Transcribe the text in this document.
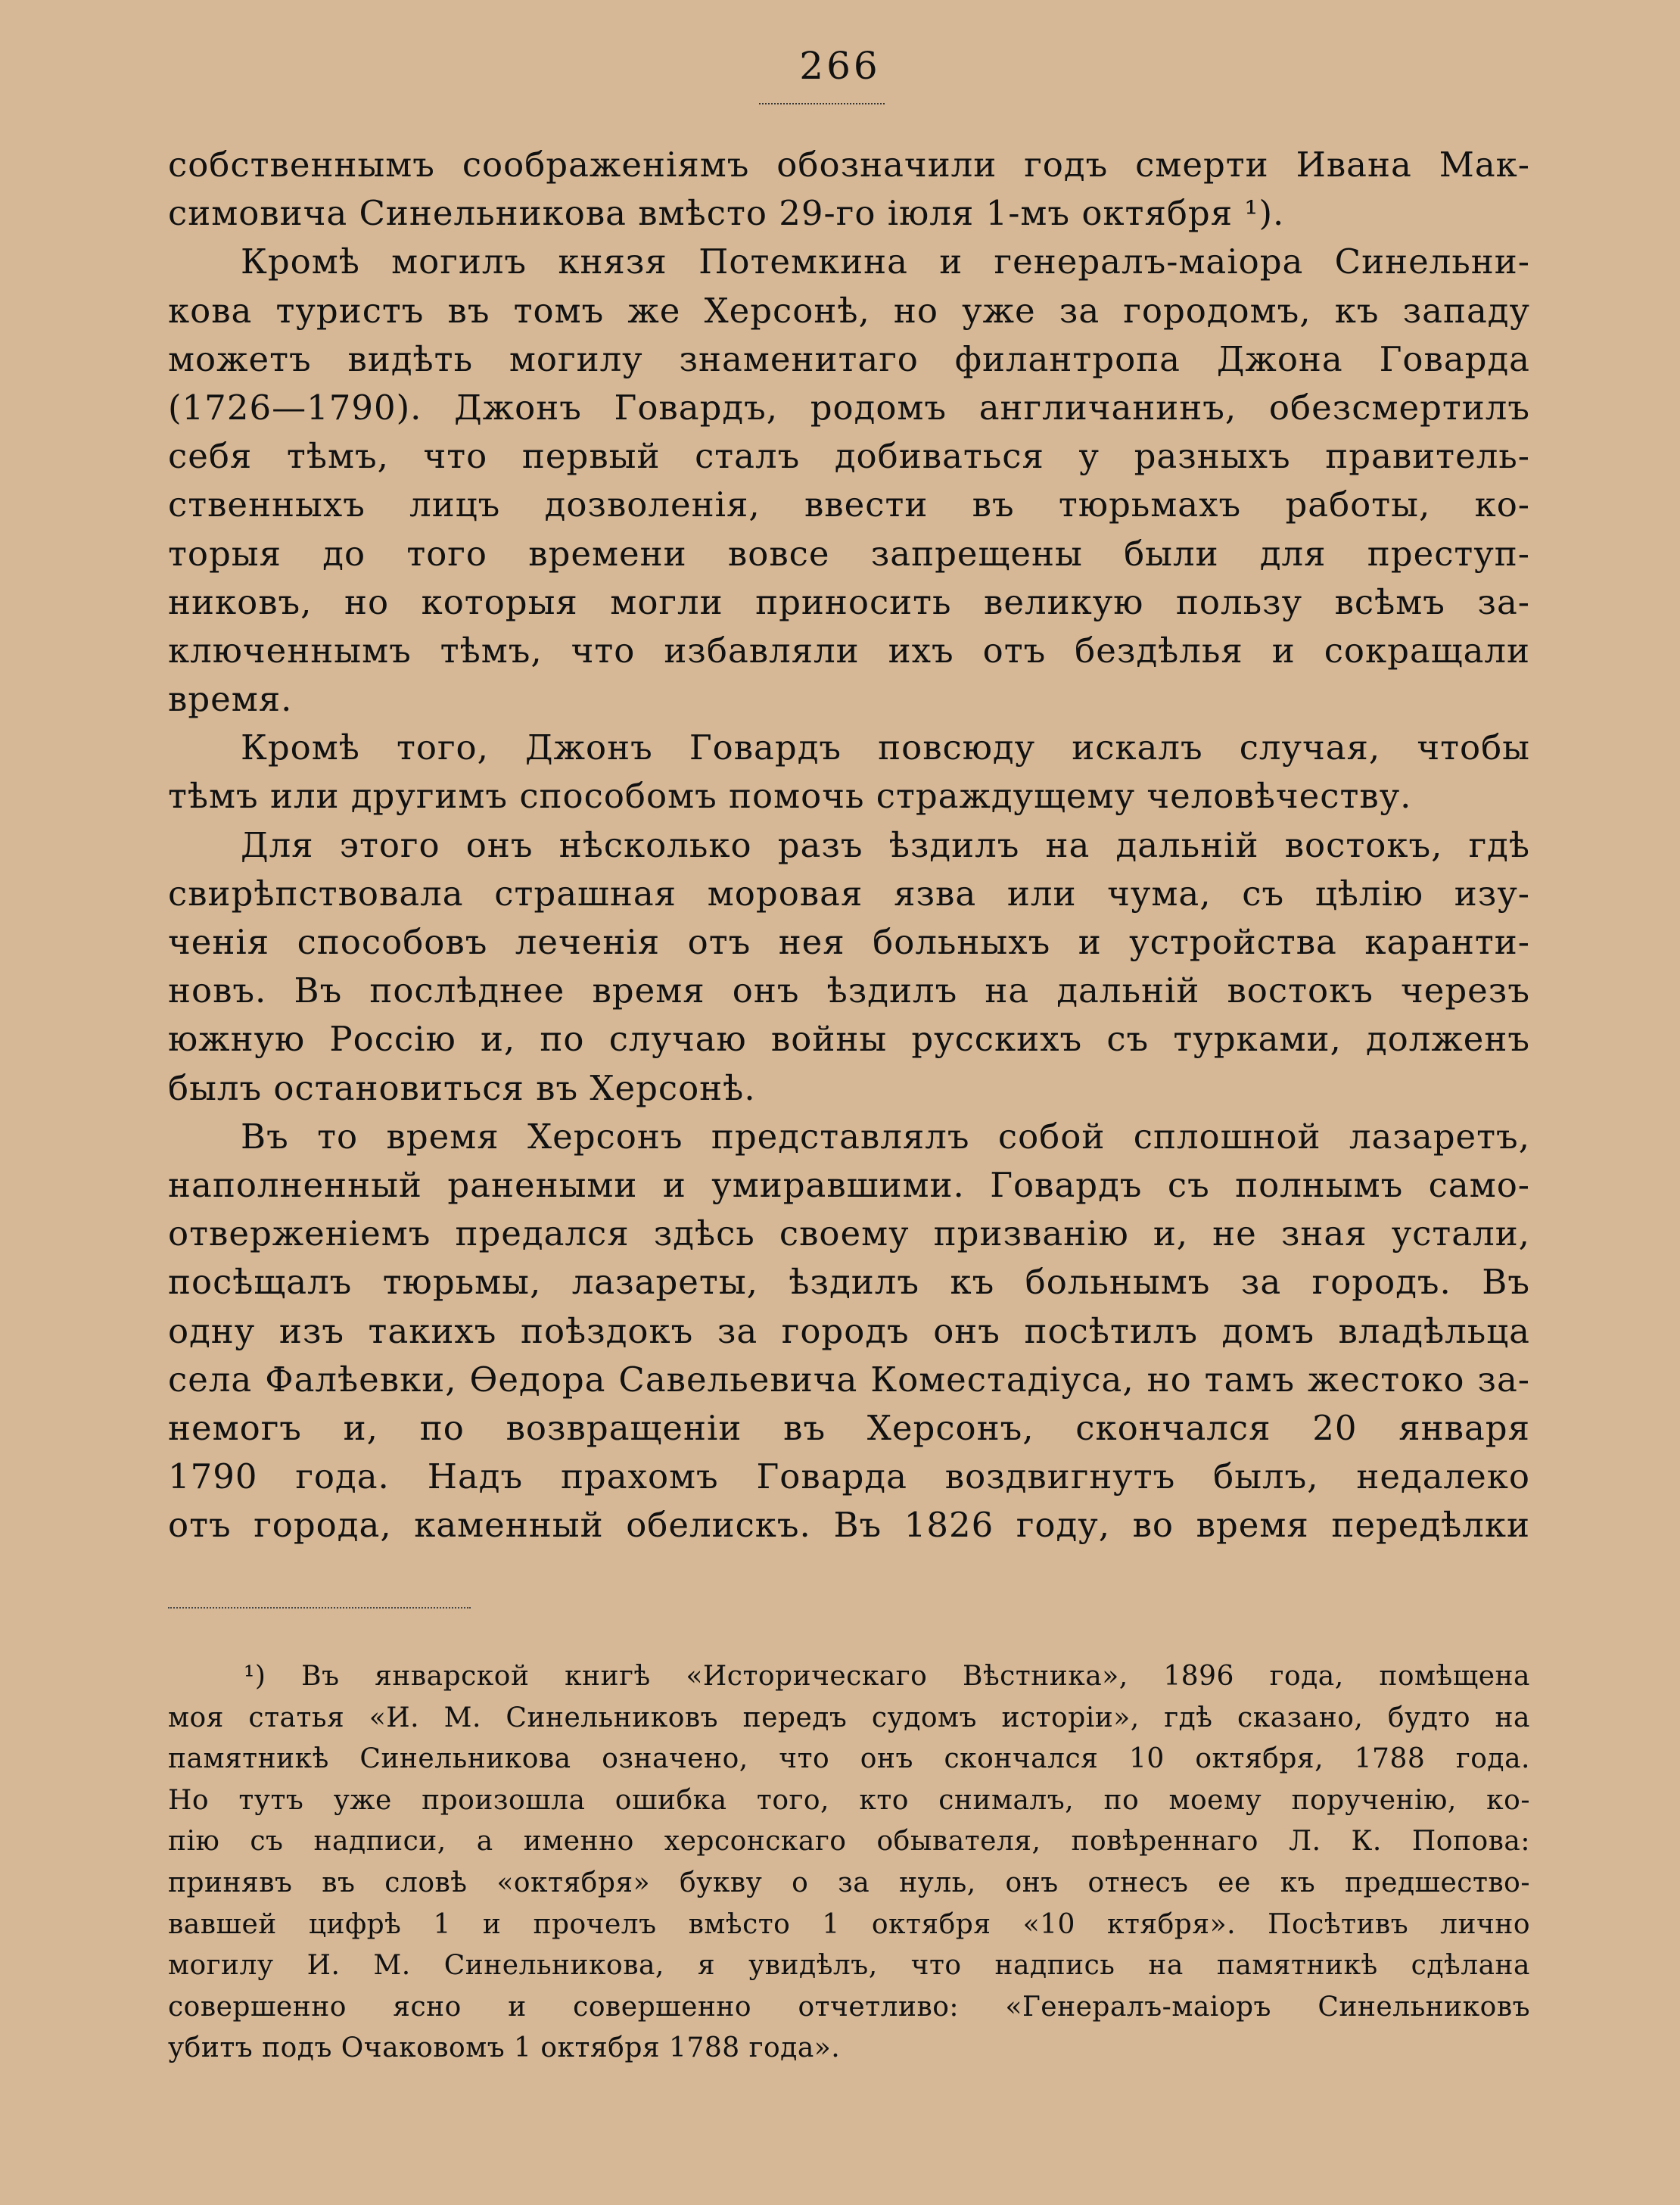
266
собственнымъ соображеніямъ обозначили годъ смерти Ивана Мак-
симовича Синельникова вмѣсто 29-го іюля 1-мъ октября ¹).
Кромѣ могилъ князя Потемкина и генералъ-маіора Синельни-
кова туристъ въ томъ же Херсонѣ, но уже за городомъ, къ западу
можетъ видѣть могилу знаменитаго филантропа Джона Говарда
(1726—1790). Джонъ Говардъ, родомъ англичанинъ, обезсмертилъ
себя тѣмъ, что первый сталъ добиваться у разныхъ правитель-
ственныхъ лицъ дозволенія, ввести въ тюрьмахъ работы, ко-
торыя до того времени вовсе запрещены были для преступ-
никовъ, но которыя могли приносить великую пользу всѣмъ за-
ключеннымъ тѣмъ, что избавляли ихъ отъ бездѣлья и сокращали
время.
Кромѣ того, Джонъ Говардъ повсюду искалъ случая, чтобы
тѣмъ или другимъ способомъ помочь страждущему человѣчеству.
Для этого онъ нѣсколько разъ ѣздилъ на дальній востокъ, гдѣ
свирѣпствовала страшная моровая язва или чума, съ цѣлію изу-
ченія способовъ леченія отъ нея больныхъ и устройства каранти-
новъ. Въ послѣднее время онъ ѣздилъ на дальній востокъ черезъ
южную Россію и, по случаю войны русскихъ съ турками, долженъ
былъ остановиться въ Херсонѣ.
Въ то время Херсонъ представлялъ собой сплошной лазаретъ,
наполненный ранеными и умиравшими. Говардъ съ полнымъ само-
отверженіемъ предался здѣсь своему призванію и, не зная устали,
посѣщалъ тюрьмы, лазареты, ѣздилъ къ больнымъ за городъ. Въ
одну изъ такихъ поѣздокъ за городъ онъ посѣтилъ домъ владѣльца
села Фалѣевки, Ѳедора Савельевича Коместадіуса, но тамъ жестоко за-
немогъ и, по возвращеніи въ Херсонъ, скончался 20 января
1790 года. Надъ прахомъ Говарда воздвигнутъ былъ, недалеко
отъ города, каменный обелискъ. Въ 1826 году, во время передѣлки
¹) Въ январской книгѣ «Историческаго Вѣстника», 1896 года, помѣщена
моя статья «И. М. Синельниковъ передъ судомъ исторіи», гдѣ сказано, будто на
памятникѣ Синельникова означено, что онъ скончался 10 октября, 1788 года.
Но тутъ уже произошла ошибка того, кто снималъ, по моему порученію, ко-
пію съ надписи, а именно херсонскаго обывателя, повѣреннаго Л. К. Попова:
принявъ въ словѣ «октября» букву о за нуль, онъ отнесъ ее къ предшество-
вавшей цифрѣ 1 и прочелъ вмѣсто 1 октября «10 ктября». Посѣтивъ лично
могилу И. М. Синельникова, я увидѣлъ, что надпись на памятникѣ сдѣлана
совершенно ясно и совершенно отчетливо: «Генералъ-маіоръ Синельниковъ
убитъ подъ Очаковомъ 1 октября 1788 года».
